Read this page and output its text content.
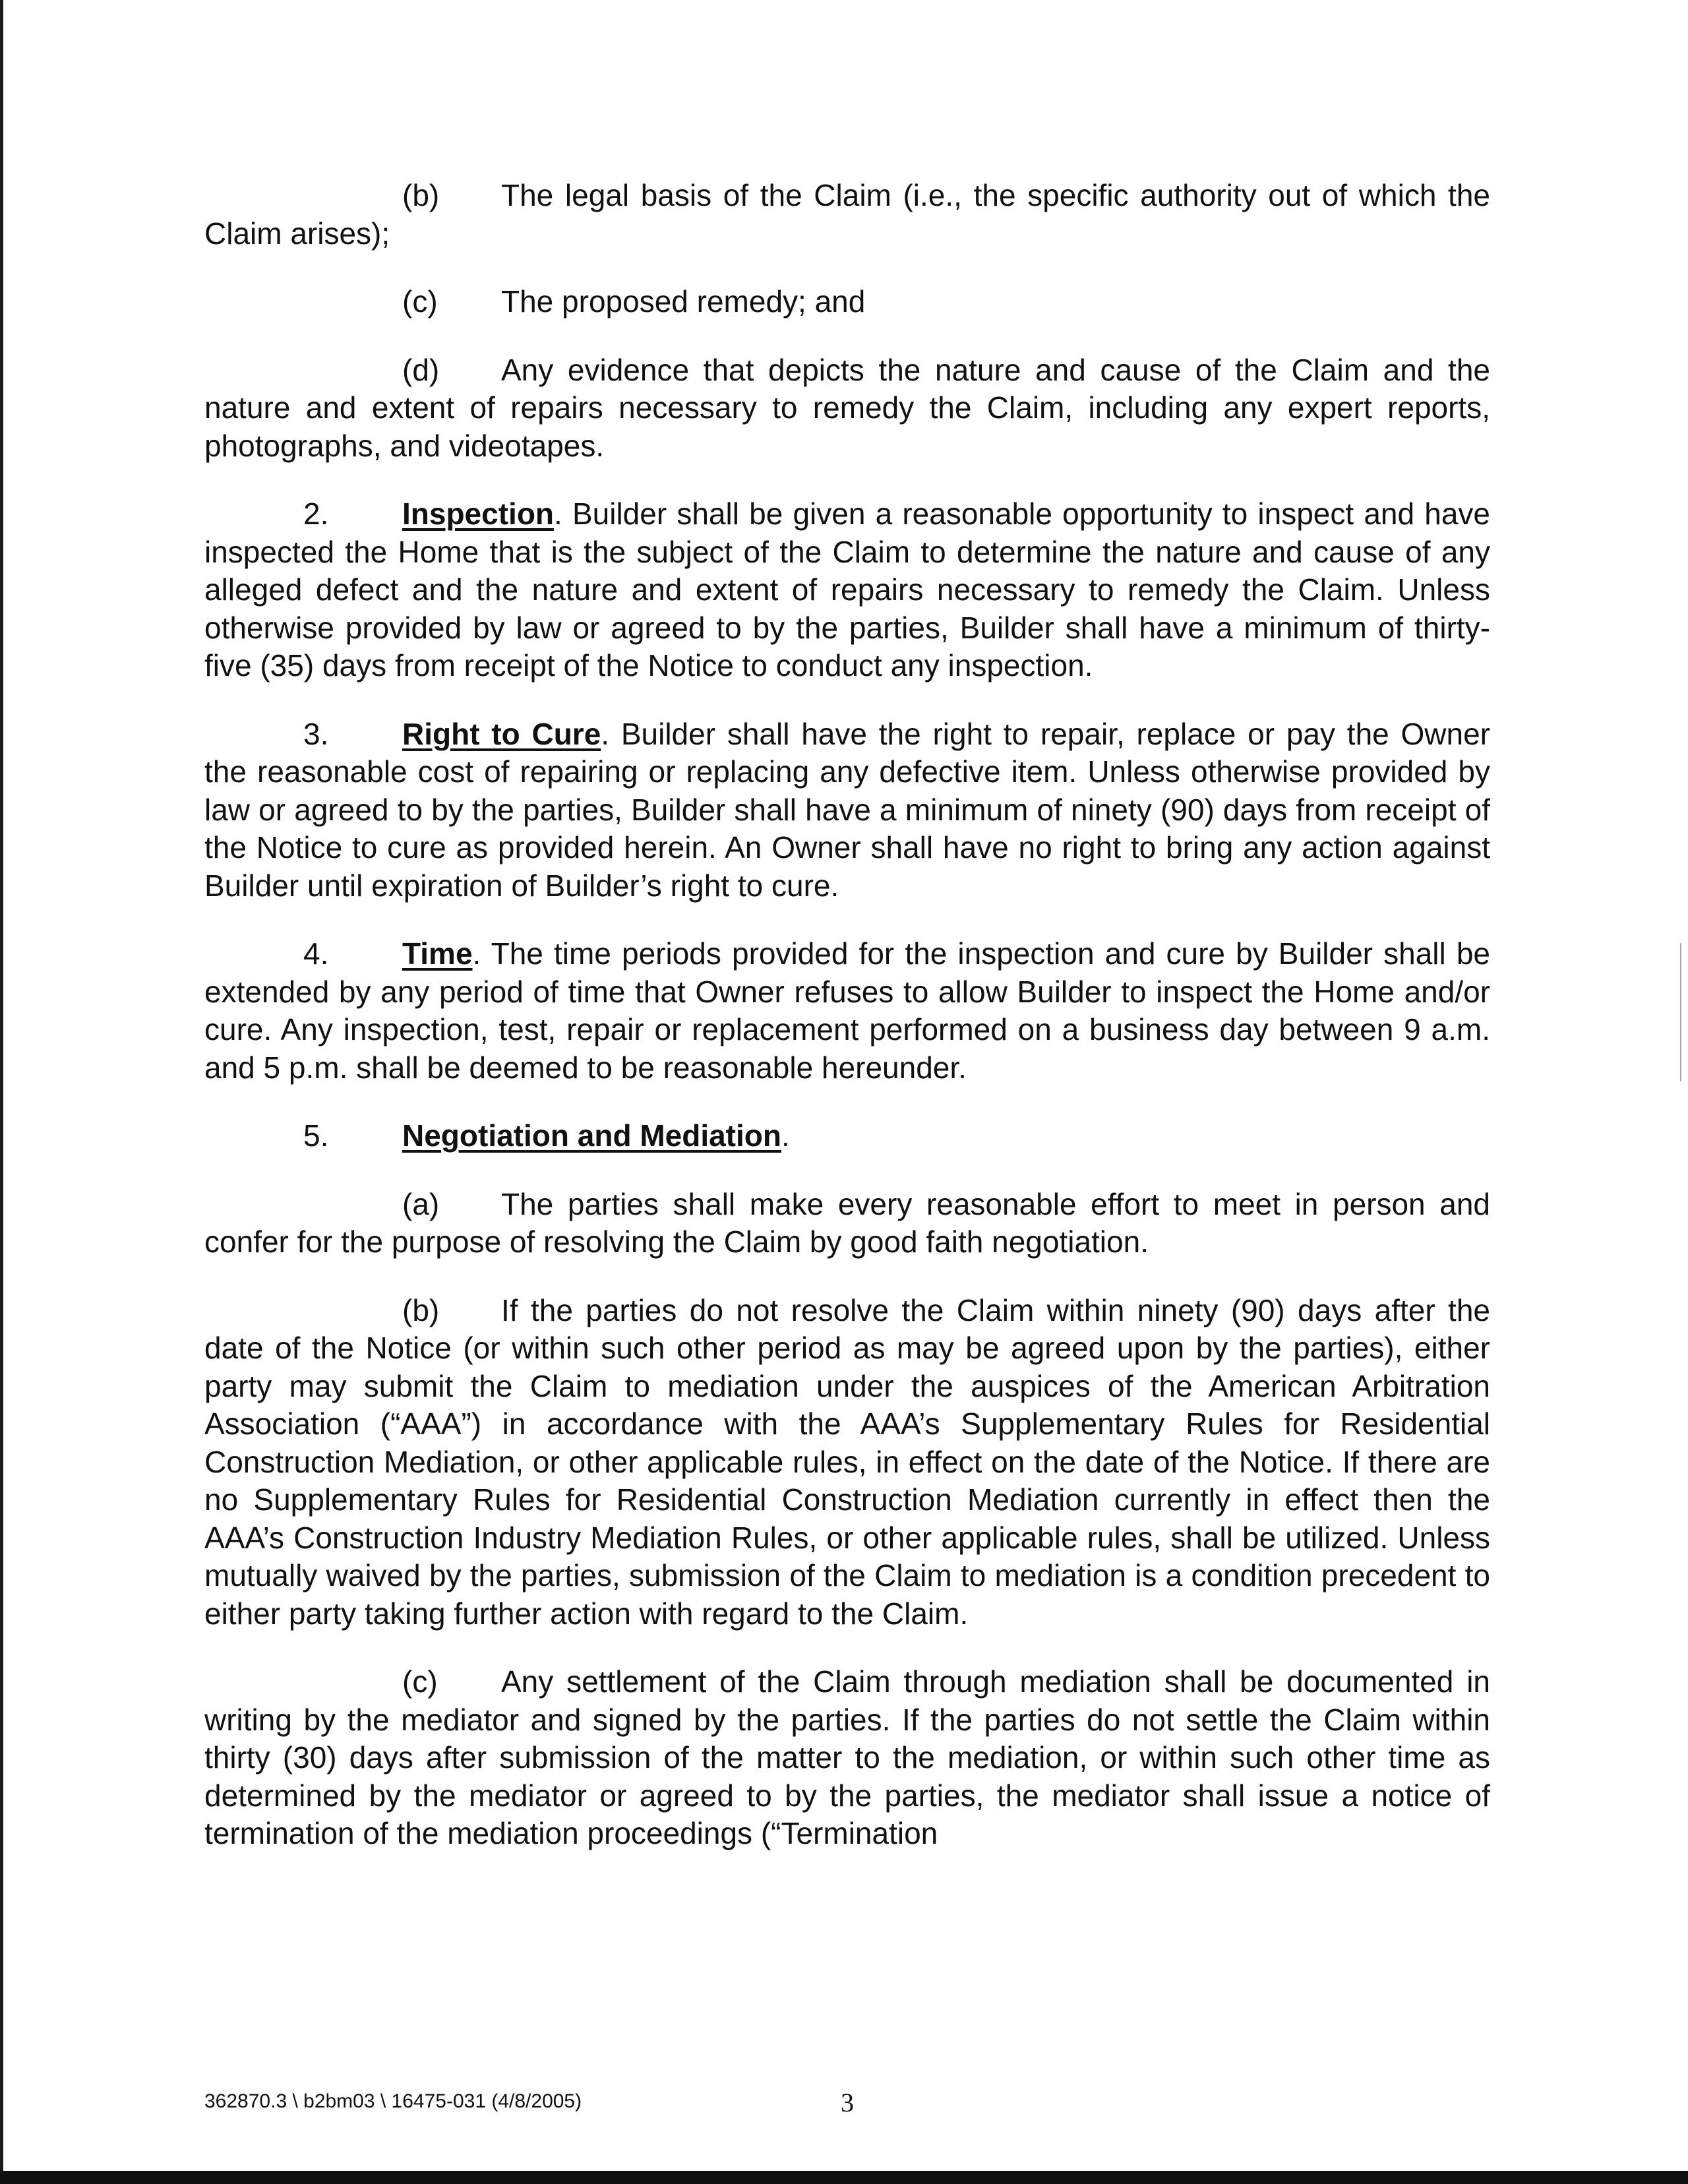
(b) The legal basis of the Claim (i.e., the specific authority out of which the Claim arises);

(c) The proposed remedy; and

(d) Any evidence that depicts the nature and cause of the Claim and the nature and extent of repairs necessary to remedy the Claim, including any expert reports, photographs, and videotapes.

2. Inspection. Builder shall be given a reasonable opportunity to inspect and have inspected the Home that is the subject of the Claim to determine the nature and cause of any alleged defect and the nature and extent of repairs necessary to remedy the Claim. Unless otherwise provided by law or agreed to by the parties, Builder shall have a minimum of thirty-five (35) days from receipt of the Notice to conduct any inspection.

3. Right to Cure. Builder shall have the right to repair, replace or pay the Owner the reasonable cost of repairing or replacing any defective item. Unless otherwise provided by law or agreed to by the parties, Builder shall have a minimum of ninety (90) days from receipt of the Notice to cure as provided herein. An Owner shall have no right to bring any action against Builder until expiration of Builder’s right to cure.

4. Time. The time periods provided for the inspection and cure by Builder shall be extended by any period of time that Owner refuses to allow Builder to inspect the Home and/or cure. Any inspection, test, repair or replacement performed on a business day between 9 a.m. and 5 p.m. shall be deemed to be reasonable hereunder.

5. Negotiation and Mediation.

(a) The parties shall make every reasonable effort to meet in person and confer for the purpose of resolving the Claim by good faith negotiation.

(b) If the parties do not resolve the Claim within ninety (90) days after the date of the Notice (or within such other period as may be agreed upon by the parties), either party may submit the Claim to mediation under the auspices of the American Arbitration Association (“AAA”) in accordance with the AAA’s Supplementary Rules for Residential Construction Mediation, or other applicable rules, in effect on the date of the Notice. If there are no Supplementary Rules for Residential Construction Mediation currently in effect then the AAA’s Construction Industry Mediation Rules, or other applicable rules, shall be utilized. Unless mutually waived by the parties, submission of the Claim to mediation is a condition precedent to either party taking further action with regard to the Claim.

(c) Any settlement of the Claim through mediation shall be documented in writing by the mediator and signed by the parties. If the parties do not settle the Claim within thirty (30) days after submission of the matter to the mediation, or within such other time as determined by the mediator or agreed to by the parties, the mediator shall issue a notice of termination of the mediation proceedings (“Termination

362870.3 \ b2bm03 \ 16475-031 (4/8/2005)	3
